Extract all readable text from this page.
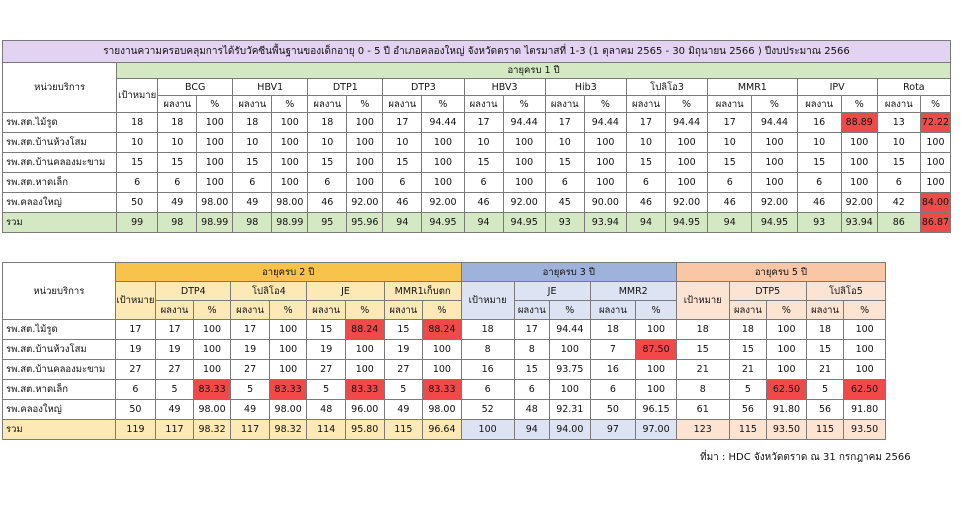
รายงานความครอบคลุมการได้รับวัคซีนพื้นฐานของเด็กอายุ 0 - 5 ปี อำเภอคลองใหญ่ จังหวัดตราด ไตรมาสที่ 1-3 (1 ตุลาคม 2565 - 30 มิถุนายน 2566 ) ปีงบประมาณ 2566																					
หน่วยบริการ	อายุครบ 1 ปี																				
	เป้าหมาย	BCG		HBV1		DTP1		DTP3		HBV3		Hib3		โปลิโอ3		MMR1		IPV		Rota	
		ผลงาน	%	ผลงาน	%	ผลงาน	%	ผลงาน	%	ผลงาน	%	ผลงาน	%	ผลงาน	%	ผลงาน	%	ผลงาน	%	ผลงาน	%
รพ.สต.ไม้รูด	18	18	100	18	100	18	100	17	94.44	17	94.44	17	94.44	17	94.44	17	94.44	16	88.89	13	72.22
รพ.สต.บ้านห้วงโสม	10	10	100	10	100	10	100	10	100	10	100	10	100	10	100	10	100	10	100	10	100
รพ.สต.บ้านคลองมะขาม	15	15	100	15	100	15	100	15	100	15	100	15	100	15	100	15	100	15	100	15	100
รพ.สต.หาดเล็ก	6	6	100	6	100	6	100	6	100	6	100	6	100	6	100	6	100	6	100	6	100
รพ.คลองใหญ่	50	49	98.00	49	98.00	46	92.00	46	92.00	46	92.00	45	90.00	46	92.00	46	92.00	46	92.00	42	84.00
รวม	99	98	98.99	98	98.99	95	95.96	94	94.95	94	94.95	93	93.94	94	94.95	94	94.95	93	93.94	86	86.87
หน่วยบริการ	อายุครบ 2 ปี									อายุครบ 3 ปี					อายุครบ 5 ปี				
	เป้าหมาย	DTP4		โปลิโอ4		JE		MMR1เก็บตก		เป้าหมาย	JE		MMR2		เป้าหมาย	DTP5		โปลิโอ5	
		ผลงาน	%	ผลงาน	%	ผลงาน	%	ผลงาน	%		ผลงาน	%	ผลงาน	%		ผลงาน	%	ผลงาน	%
รพ.สต.ไม้รูด	17	17	100	17	100	15	88.24	15	88.24	18	17	94.44	18	100	18	18	100	18	100
รพ.สต.บ้านห้วงโสม	19	19	100	19	100	19	100	19	100	8	8	100	7	87.50	15	15	100	15	100
รพ.สต.บ้านคลองมะขาม	27	27	100	27	100	27	100	27	100	16	15	93.75	16	100	21	21	100	21	100
รพ.สต.หาดเล็ก	6	5	83.33	5	83.33	5	83.33	5	83.33	6	6	100	6	100	8	5	62.50	5	62.50
รพ.คลองใหญ่	50	49	98.00	49	98.00	48	96.00	49	98.00	52	48	92.31	50	96.15	61	56	91.80	56	91.80
รวม	119	117	98.32	117	98.32	114	95.80	115	96.64	100	94	94.00	97	97.00	123	115	93.50	115	93.50
ที่มา : HDC จังหวัดตราด ณ 31 กรกฎาคม 2566
